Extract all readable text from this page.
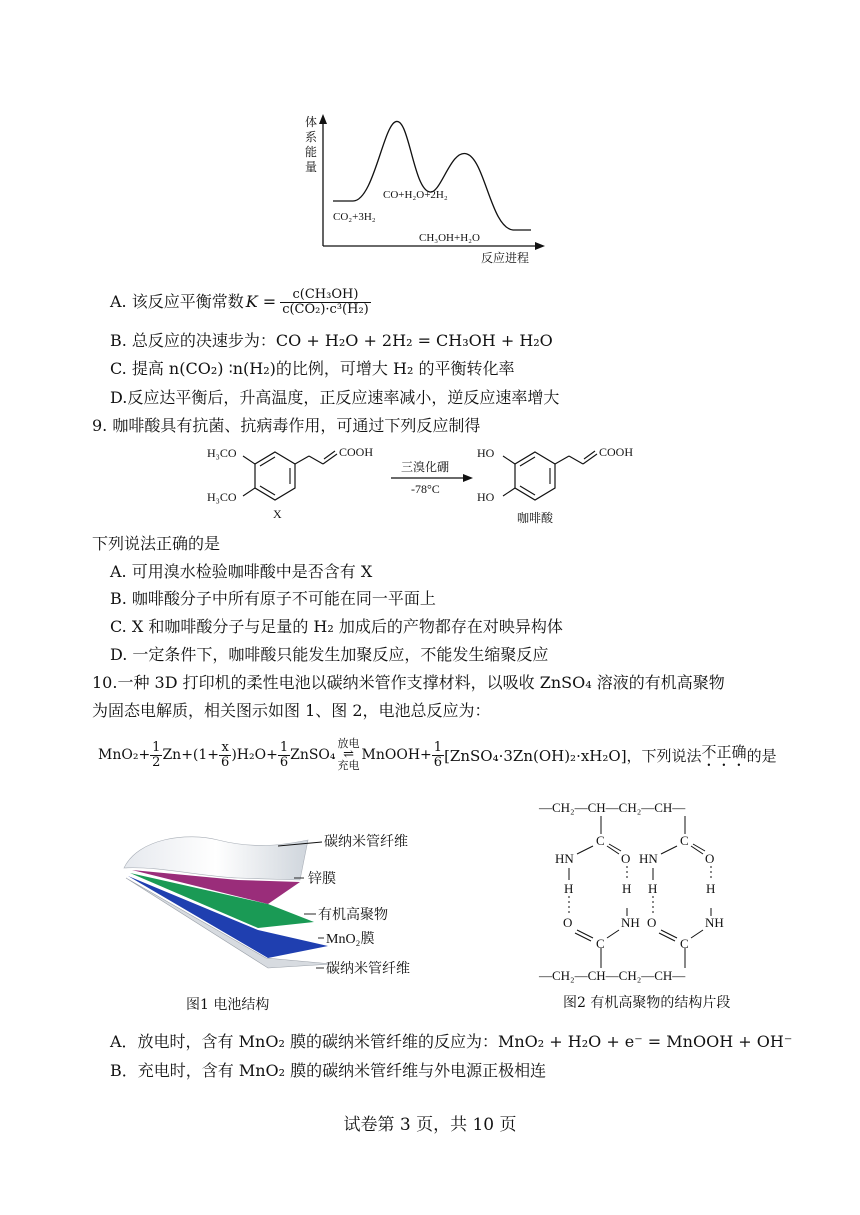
体
系
能
量
CO+H₂O+2H₂
CO₂+3H₂
CH₃OH+H₂O
反应进程
A. 该反应平衡常数 $K = \frac{\text{c(CH₃OH)}}{\text{c(CO₂)·c³(H₂)}}$
B. 总反应的决速步为：CO + H₂O + 2H₂ = CH₃OH + H₂O
C. 提高 n(CO₂) ∶n(H₂)的比例，可增大 H₂ 的平衡转化率
D.反应达平衡后，升高温度，正反应速率减小，逆反应速率增大
9. 咖啡酸具有抗菌、抗病毒作用，可通过下列反应制得
H₃CO
H₃CO
COOH
X
三溴化硼
-78°C
HO
HO
COOH
咖啡酸
下列说法正确的是
A. 可用溴水检验咖啡酸中是否含有 X
B. 咖啡酸分子中所有原子不可能在同一平面上
C. X 和咖啡酸分子与足量的 H₂ 加成后的产物都存在对映异构体
D. 一定条件下，咖啡酸只能发生加聚反应，不能发生缩聚反应
10.一种 3D 打印机的柔性电池以碳纳米管作支撑材料，以吸收 ZnSO₄ 溶液的有机高聚物
为固态电解质，相关图示如图 1、图 2，电池总反应为：
$MnO_2+ \frac{1}{2} Zn+(1+ \frac{x}{6} )H_2O+ \frac{1}{6}$ ZnSO₄
放电
⇌
充电
MnOOH+ $\frac{1}{6}$ [ZnSO₄·3Zn(OH)₂·xH₂O]，下列说法 不正确 的是
碳纳米管纤维
锌膜
有机高聚物
MnO₂膜
碳纳米管纤维
图1 电池结构
—CH₂—CH—CH₂—CH—
—CH₂—CH—CH₂—CH—
C	C
HN	O HN	O
H	H H	H
O	NH O	NH
C	C
图2 有机高聚物的结构片段
A．放电时，含有 MnO₂ 膜的碳纳米管纤维的反应为：MnO₂ + H₂O + e⁻ = MnOOH + OH⁻
B．充电时，含有 MnO₂ 膜的碳纳米管纤维与外电源正极相连
试卷第 3 页，共 10 页
